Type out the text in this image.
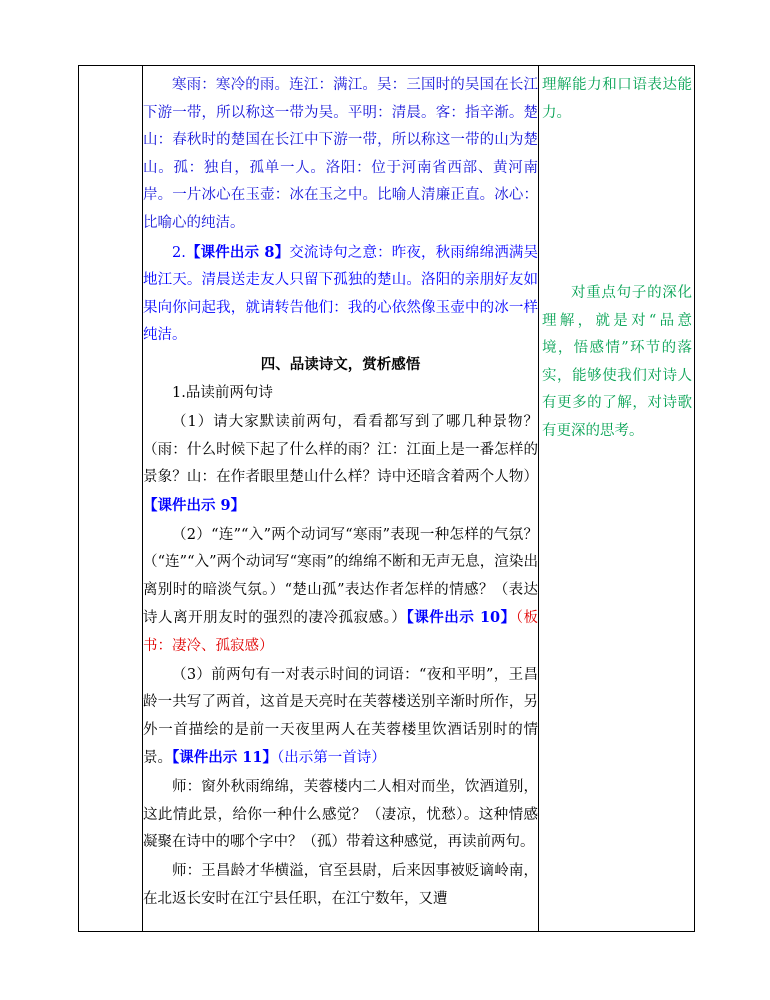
寒雨：寒冷的雨。连江：满江。吴：三国时的吴国在长江下游一带，所以称这一带为吴。平明：清晨。客：指辛渐。楚山：春秋时的楚国在长江中下游一带，所以称这一带的山为楚山。孤：独自，孤单一人。洛阳：位于河南省西部、黄河南岸。一片冰心在玉壶：冰在玉之中。比喻人清廉正直。冰心：比喻心的纯洁。

2.【课件出示 8】交流诗句之意：昨夜，秋雨绵绵洒满吴地江天。清晨送走友人只留下孤独的楚山。洛阳的亲朋好友如果向你问起我，就请转告他们：我的心依然像玉壶中的冰一样纯洁。

四、品读诗文，赏析感悟

1.品读前两句诗

（1）请大家默读前两句，看看都写到了哪几种景物？（雨：什么时候下起了什么样的雨？江：江面上是一番怎样的景象？山：在作者眼里楚山什么样？诗中还暗含着两个人物）【课件出示 9】

（2）“连”“入”两个动词写“寒雨”表现一种怎样的气氛？（“连”“入”两个动词写“寒雨”的绵绵不断和无声无息，渲染出离别时的暗淡气氛。）“楚山孤”表达作者怎样的情感？（表达诗人离开朋友时的强烈的凄冷孤寂感。）【课件出示 10】（板书：凄冷、孤寂感）

（3）前两句有一对表示时间的词语：“夜和平明”，王昌龄一共写了两首，这首是天亮时在芙蓉楼送别辛渐时所作，另外一首描绘的是前一天夜里两人在芙蓉楼里饮酒话别时的情景。【课件出示 11】（出示第一首诗）

师：窗外秋雨绵绵，芙蓉楼内二人相对而坐，饮酒道别，这此情此景，给你一种什么感觉？（凄凉，忧愁）。这种情感凝聚在诗中的哪个字中？（孤）带着这种感觉，再读前两句。

师：王昌龄才华横溢，官至县尉，后来因事被贬谪岭南，在北返长安时在江宁县任职，在江宁数年，又遭

理解能力和口语表达能力。

对重点句子的深化理解，就是对“品意境，悟感情”环节的落实，能够使我们对诗人有更多的了解，对诗歌有更深的思考。
